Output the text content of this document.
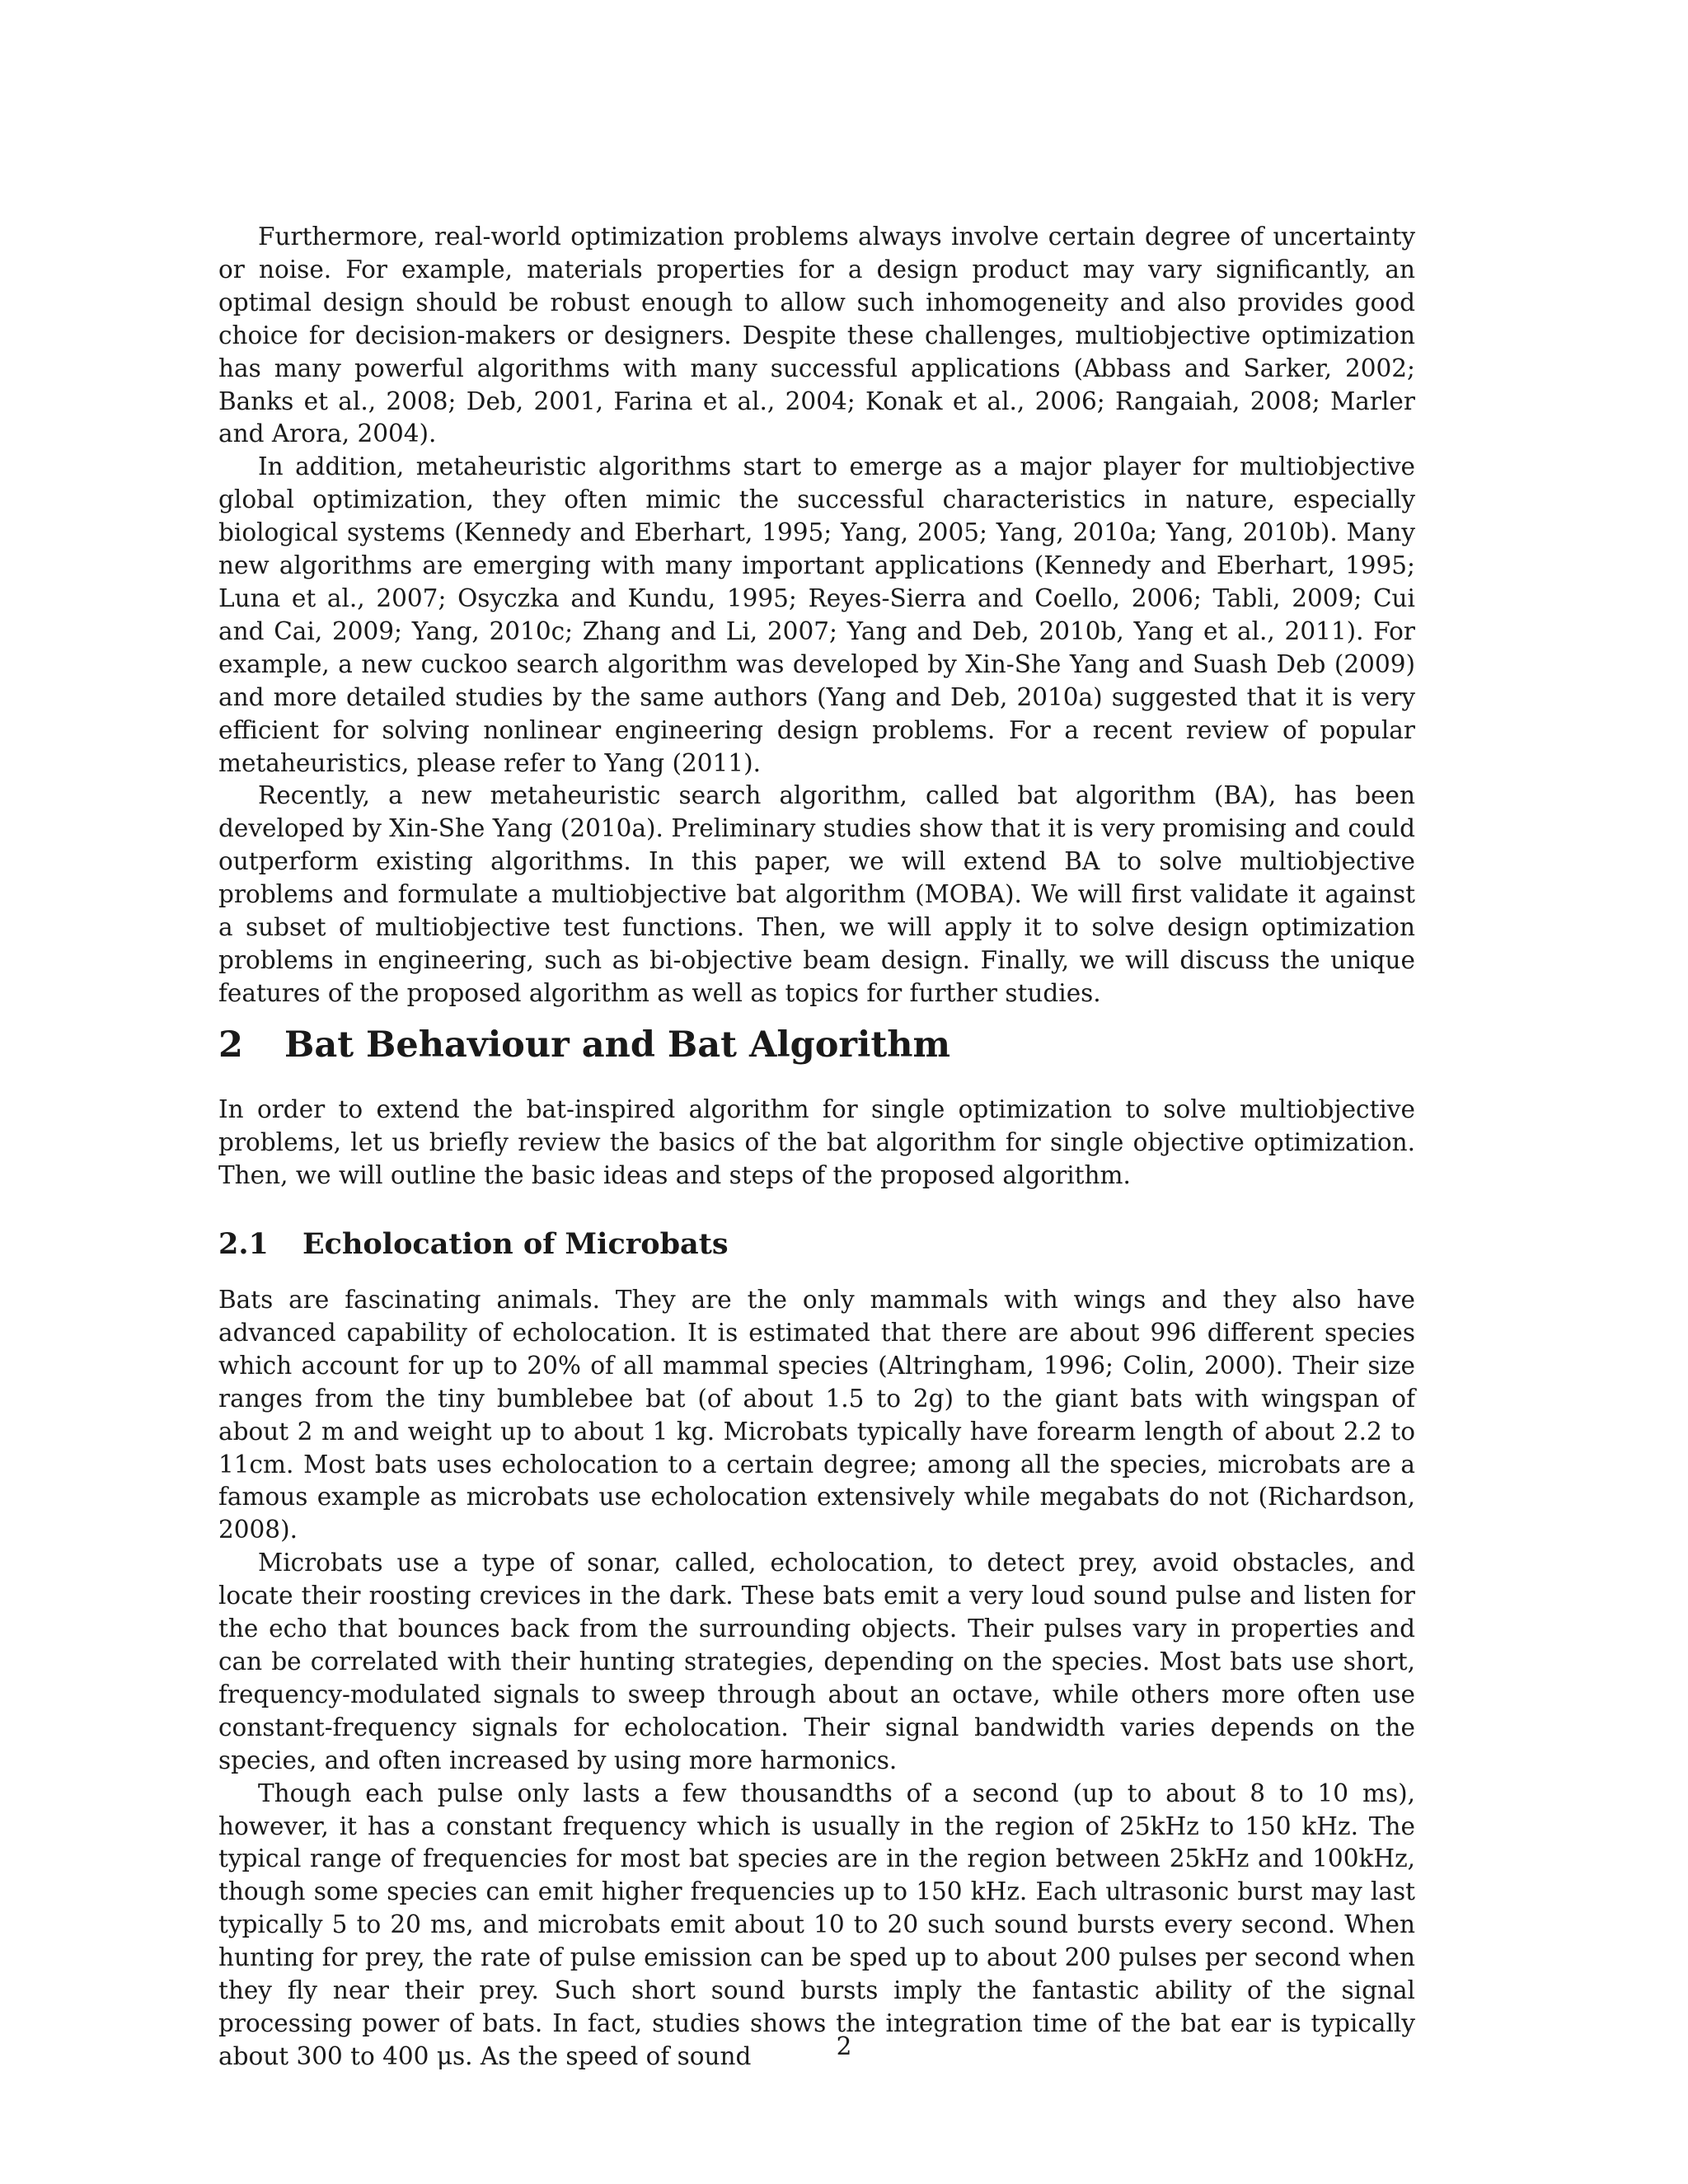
Furthermore, real-world optimization problems always involve certain degree of uncertainty or noise. For example, materials properties for a design product may vary significantly, an optimal design should be robust enough to allow such inhomogeneity and also provides good choice for decision-makers or designers. Despite these challenges, multiobjective optimization has many powerful algorithms with many successful applications (Abbass and Sarker, 2002; Banks et al., 2008; Deb, 2001, Farina et al., 2004; Konak et al., 2006; Rangaiah, 2008; Marler and Arora, 2004).

In addition, metaheuristic algorithms start to emerge as a major player for multiobjective global optimization, they often mimic the successful characteristics in nature, especially biological systems (Kennedy and Eberhart, 1995; Yang, 2005; Yang, 2010a; Yang, 2010b). Many new algorithms are emerging with many important applications (Kennedy and Eberhart, 1995; Luna et al., 2007; Osyczka and Kundu, 1995; Reyes-Sierra and Coello, 2006; Tabli, 2009; Cui and Cai, 2009; Yang, 2010c; Zhang and Li, 2007; Yang and Deb, 2010b, Yang et al., 2011). For example, a new cuckoo search algorithm was developed by Xin-She Yang and Suash Deb (2009) and more detailed studies by the same authors (Yang and Deb, 2010a) suggested that it is very efficient for solving nonlinear engineering design problems. For a recent review of popular metaheuristics, please refer to Yang (2011).

Recently, a new metaheuristic search algorithm, called bat algorithm (BA), has been developed by Xin-She Yang (2010a). Preliminary studies show that it is very promising and could outperform existing algorithms. In this paper, we will extend BA to solve multiobjective problems and formulate a multiobjective bat algorithm (MOBA). We will first validate it against a subset of multiobjective test functions. Then, we will apply it to solve design optimization problems in engineering, such as bi-objective beam design. Finally, we will discuss the unique features of the proposed algorithm as well as topics for further studies.

2 Bat Behaviour and Bat Algorithm

In order to extend the bat-inspired algorithm for single optimization to solve multiobjective problems, let us briefly review the basics of the bat algorithm for single objective optimization. Then, we will outline the basic ideas and steps of the proposed algorithm.

2.1 Echolocation of Microbats

Bats are fascinating animals. They are the only mammals with wings and they also have advanced capability of echolocation. It is estimated that there are about 996 different species which account for up to 20% of all mammal species (Altringham, 1996; Colin, 2000). Their size ranges from the tiny bumblebee bat (of about 1.5 to 2g) to the giant bats with wingspan of about 2 m and weight up to about 1 kg. Microbats typically have forearm length of about 2.2 to 11cm. Most bats uses echolocation to a certain degree; among all the species, microbats are a famous example as microbats use echolocation extensively while megabats do not (Richardson, 2008).

Microbats use a type of sonar, called, echolocation, to detect prey, avoid obstacles, and locate their roosting crevices in the dark. These bats emit a very loud sound pulse and listen for the echo that bounces back from the surrounding objects. Their pulses vary in properties and can be correlated with their hunting strategies, depending on the species. Most bats use short, frequency-modulated signals to sweep through about an octave, while others more often use constant-frequency signals for echolocation. Their signal bandwidth varies depends on the species, and often increased by using more harmonics.

Though each pulse only lasts a few thousandths of a second (up to about 8 to 10 ms), however, it has a constant frequency which is usually in the region of 25kHz to 150 kHz. The typical range of frequencies for most bat species are in the region between 25kHz and 100kHz, though some species can emit higher frequencies up to 150 kHz. Each ultrasonic burst may last typically 5 to 20 ms, and microbats emit about 10 to 20 such sound bursts every second. When hunting for prey, the rate of pulse emission can be sped up to about 200 pulses per second when they fly near their prey. Such short sound bursts imply the fantastic ability of the signal processing power of bats. In fact, studies shows the integration time of the bat ear is typically about 300 to 400 μs. As the speed of sound	2
